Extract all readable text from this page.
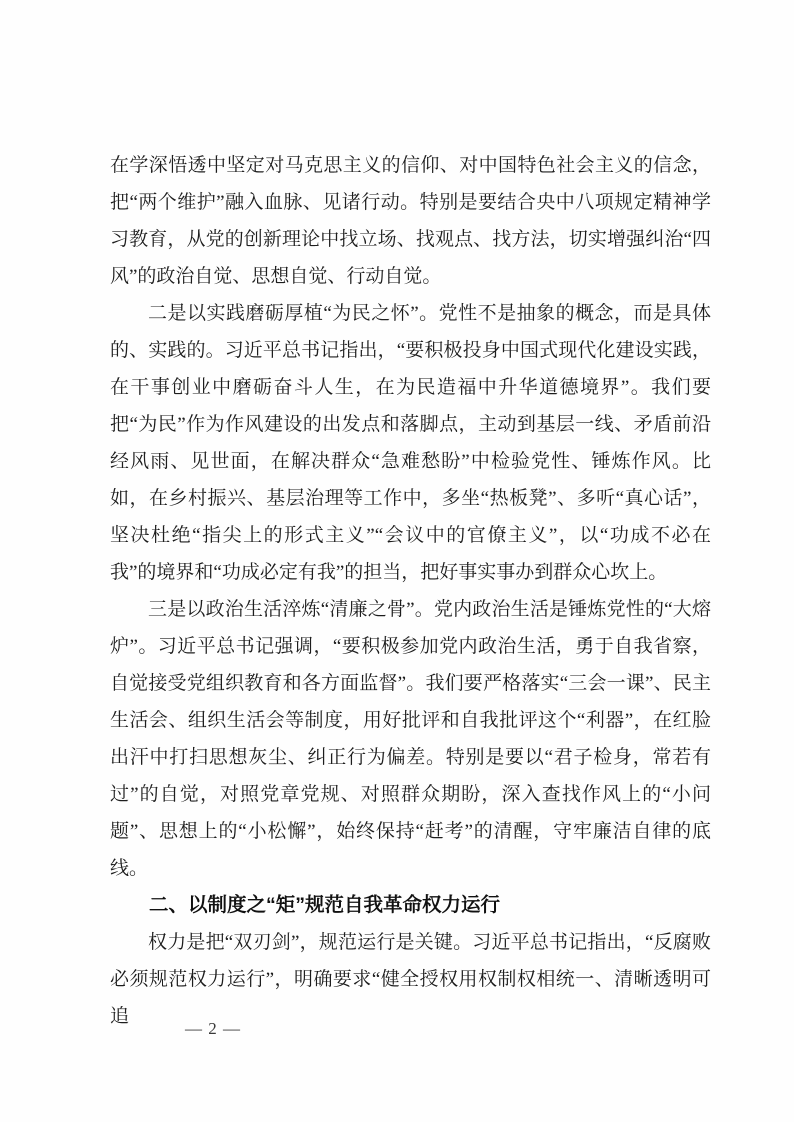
在学深悟透中坚定对马克思主义的信仰、对中国特色社会主义的信念，把“两个维护”融入血脉、见诸行动。特别是要结合央中八项规定精神学习教育，从党的创新理论中找立场、找观点、找方法，切实增强纠治“四风”的政治自觉、思想自觉、行动自觉。

二是以实践磨砺厚植“为民之怀”。党性不是抽象的概念，而是具体的、实践的。习近平总书记指出，“要积极投身中国式现代化建设实践，在干事创业中磨砺奋斗人生，在为民造福中升华道德境界”。我们要把“为民”作为作风建设的出发点和落脚点，主动到基层一线、矛盾前沿经风雨、见世面，在解决群众“急难愁盼”中检验党性、锤炼作风。比如，在乡村振兴、基层治理等工作中，多坐“热板凳”、多听“真心话”，坚决杜绝“指尖上的形式主义”“会议中的官僚主义”，以“功成不必在我”的境界和“功成必定有我”的担当，把好事实事办到群众心坎上。

三是以政治生活淬炼“清廉之骨”。党内政治生活是锤炼党性的“大熔炉”。习近平总书记强调，“要积极参加党内政治生活，勇于自我省察，自觉接受党组织教育和各方面监督”。我们要严格落实“三会一课”、民主生活会、组织生活会等制度，用好批评和自我批评这个“利器”，在红脸出汗中打扫思想灰尘、纠正行为偏差。特别是要以“君子检身，常若有过”的自觉，对照党章党规、对照群众期盼，深入查找作风上的“小问题”、思想上的“小松懈”，始终保持“赶考”的清醒，守牢廉洁自律的底线。

二、以制度之“矩”规范自我革命权力运行

权力是把“双刃剑”，规范运行是关键。习近平总书记指出，“反腐败必须规范权力运行”，明确要求“健全授权用权制权相统一、清晰透明可追

— 2 —
